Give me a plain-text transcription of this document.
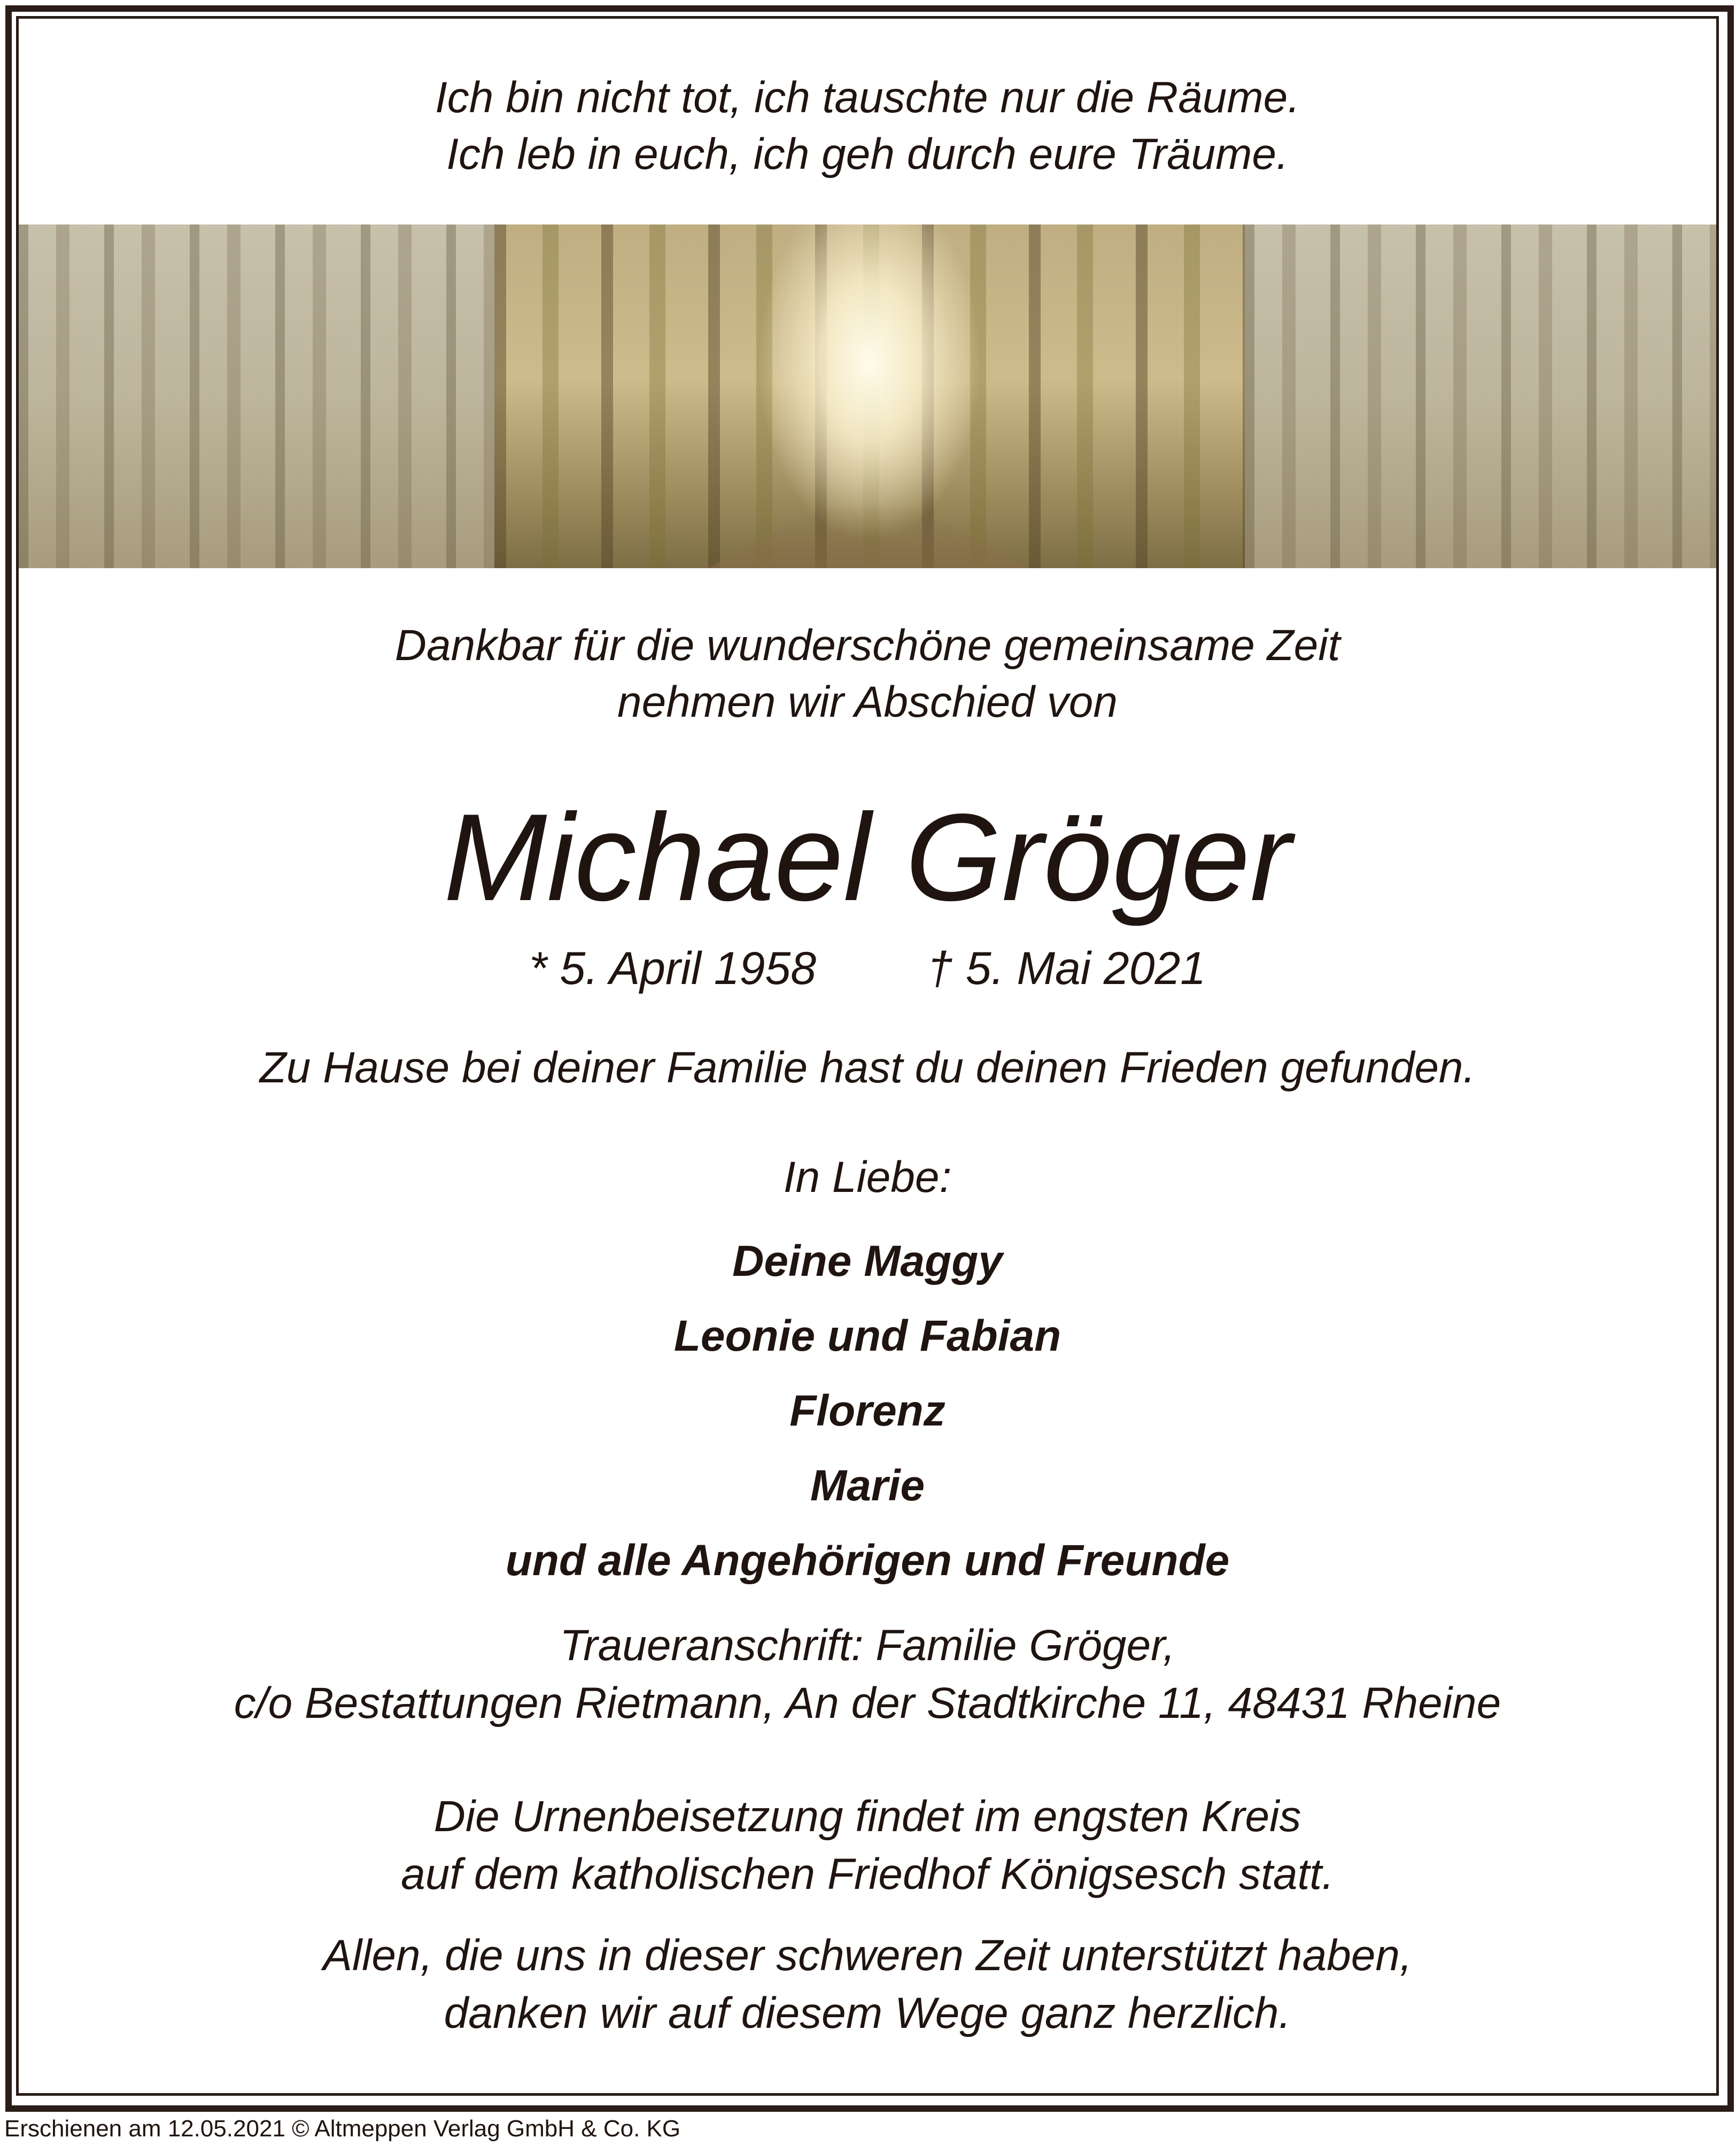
Ich bin nicht tot, ich tauschte nur die Räume.
Ich leb in euch, ich geh durch eure Träume.
Dankbar für die wunderschöne gemeinsame Zeit
nehmen wir Abschied von
Michael Gröger
* 5. April 1958 † 5. Mai 2021
Zu Hause bei deiner Familie hast du deinen Frieden gefunden.
In Liebe:
Deine Maggy
Leonie und Fabian
Florenz
Marie
und alle Angehörigen und Freunde
Traueranschrift: Familie Gröger,
c/o Bestattungen Rietmann, An der Stadtkirche 11, 48431 Rheine
Die Urnenbeisetzung findet im engsten Kreis
auf dem katholischen Friedhof Königsesch statt.
Allen, die uns in dieser schweren Zeit unterstützt haben,
danken wir auf diesem Wege ganz herzlich.
Erschienen am 12.05.2021 © Altmeppen Verlag GmbH & Co. KG
